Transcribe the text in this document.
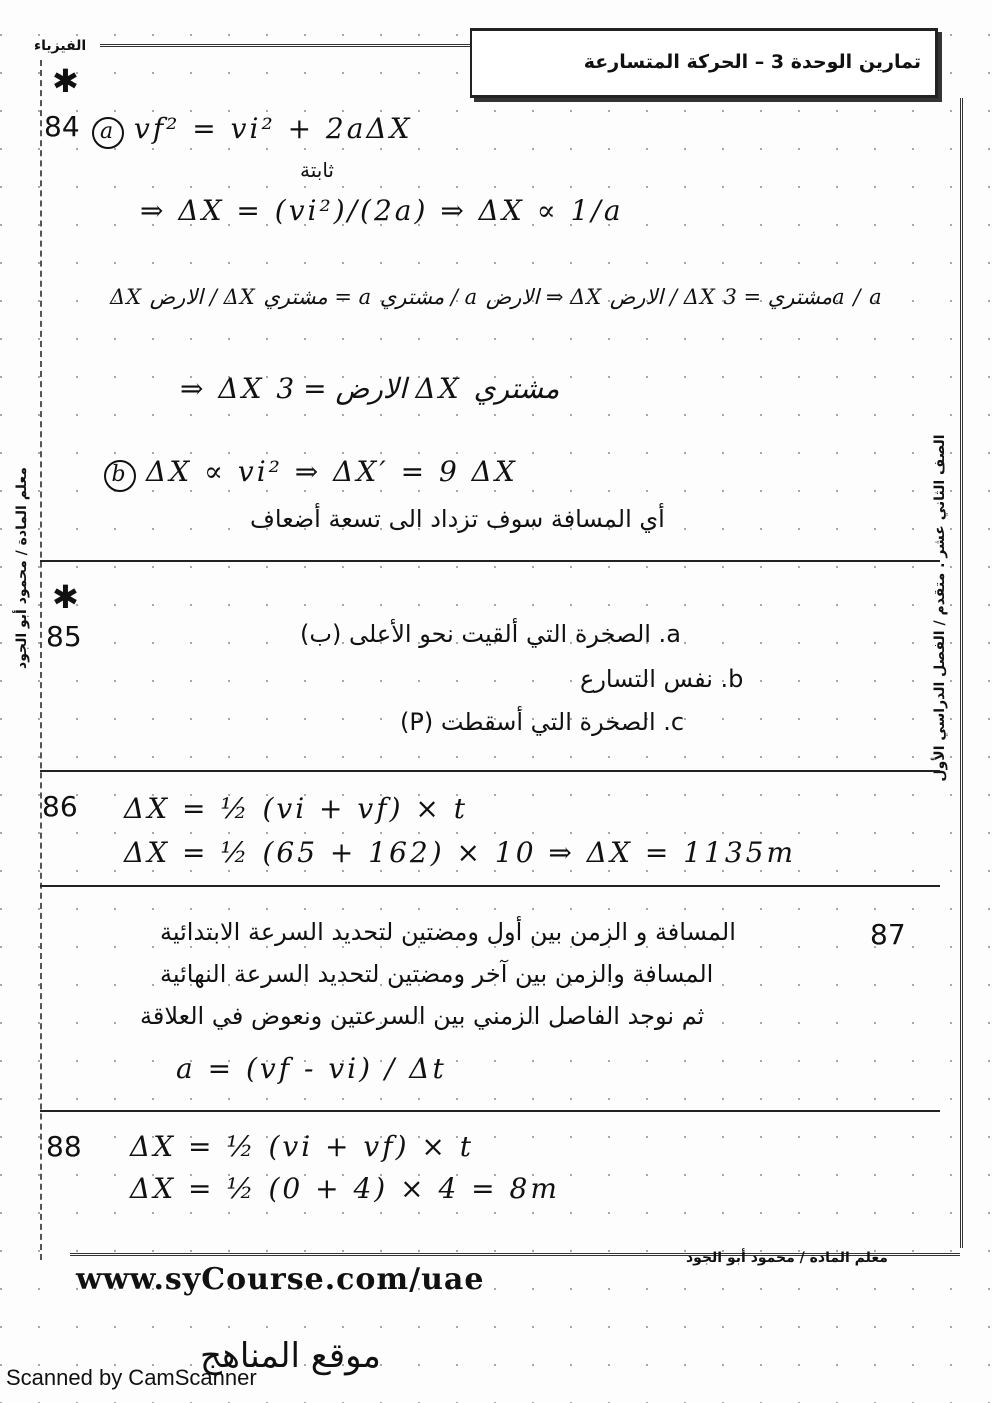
تمارين الوحدة 3 – الحركة المتسارعة
الفيزياء
معلم المادة / محمود أبو الجود	الصف الثاني عشر . متقدم / الفصل الدراسي الأول
✱
84 a vf² = vi² + 2aΔX
ثابتة
⇒ ΔX = (vi²)/(2a) ⇒ ΔX ∝ 1/a
ΔX الارض / ΔX مشتري = a مشتري / a الارض ⇒ ΔX الارض / ΔX مشتري = 3a / a
⇒ ΔX الارض = 3 ΔX مشتري
b ΔX ∝ vi² ⇒ ΔX′ = 9 ΔX
أي المسافة سوف تزداد الى تسعة أضعاف
✱
85	a. الصخرة التي ألقيت نحو الأعلى (ب)
b. نفس التسارع
c. الصخرة التي أسقطت (P)
86 ΔX = ½ (vi + vf) × t
ΔX = ½ (65 + 162) × 10 ⇒ ΔX = 1135m
87
المسافة و الزمن بين أول ومضتين لتحديد السرعة الابتدائية
المسافة والزمن بين آخر ومضتين لتحديد السرعة النهائية
ثم نوجد الفاصل الزمني بين السرعتين ونعوض في العلاقة
a = (vf - vi) / Δt
88 ΔX = ½ (vi + vf) × t
ΔX = ½ (0 + 4) × 4 = 8m
معلم المادة / محمود أبو الجود
www.syCourse.com/uae
موقع المناهج
Scanned by CamScanner
